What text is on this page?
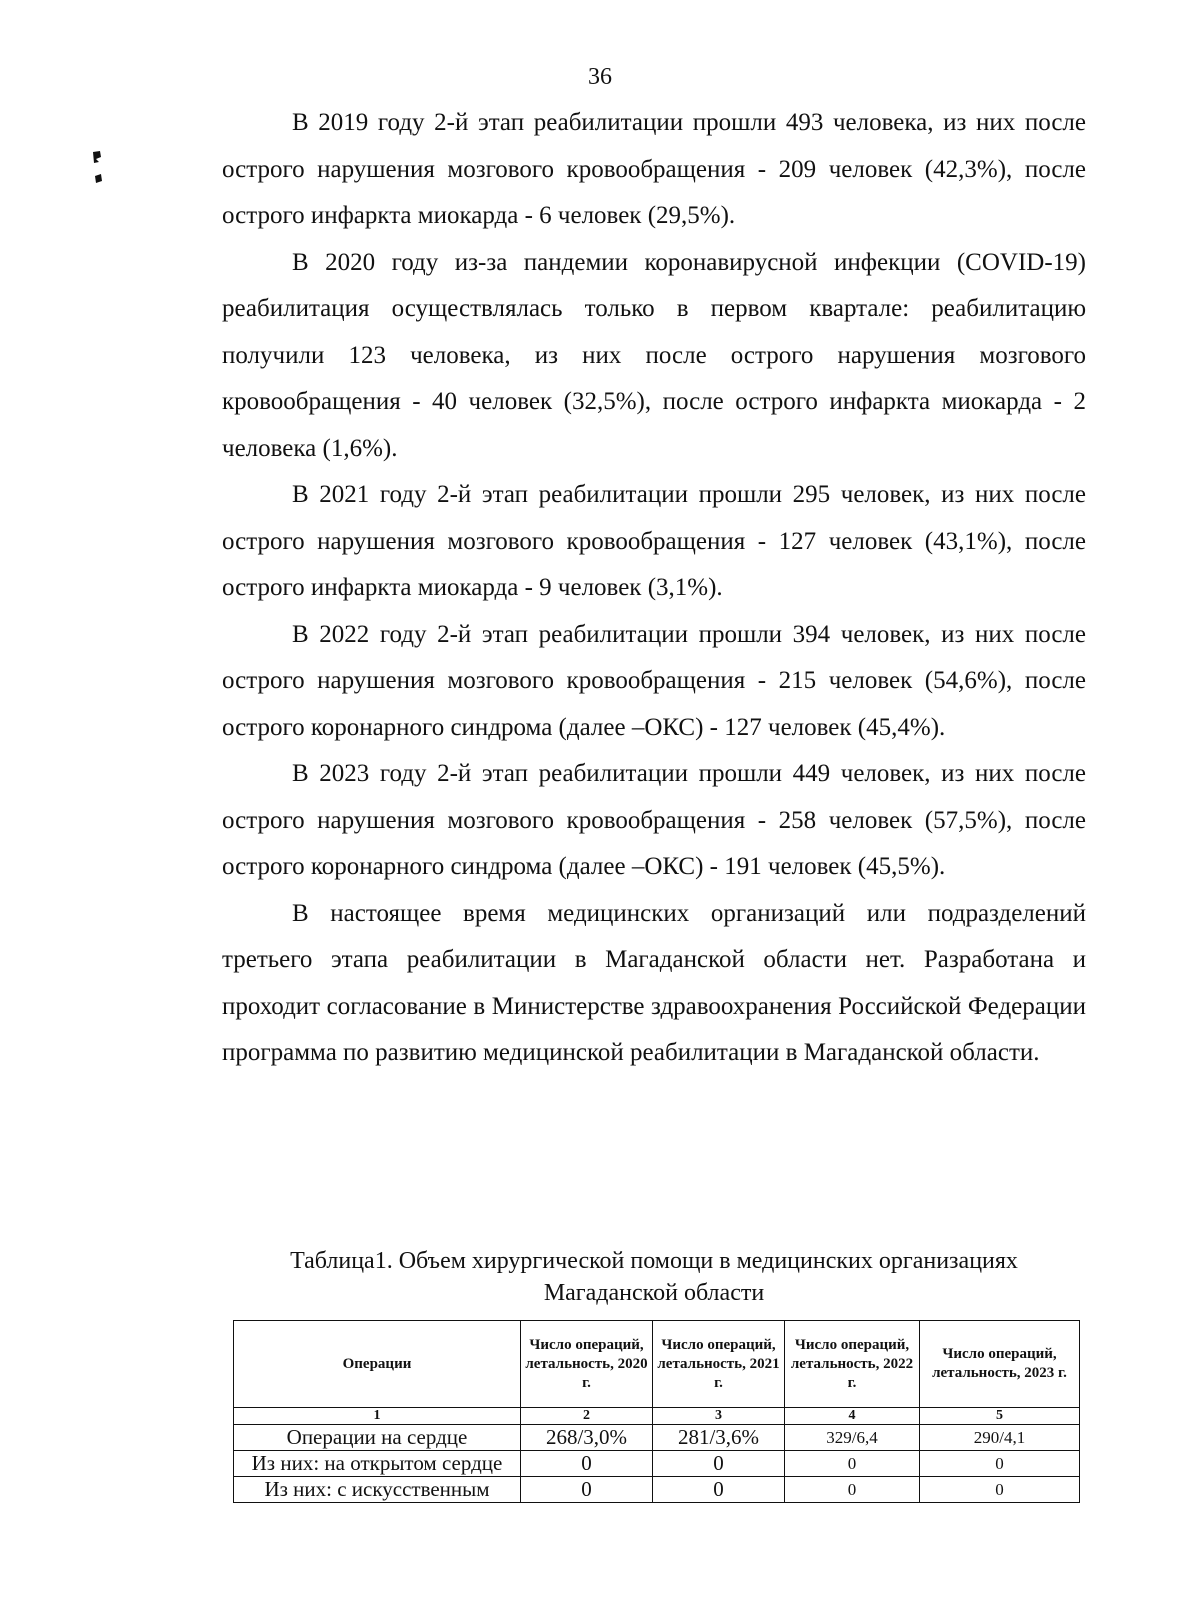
36

В 2019 году 2-й этап реабилитации прошли 493 человека, из них после острого нарушения мозгового кровообращения - 209 человек (42,3%), после острого инфаркта миокарда - 6 человек (29,5%).

В 2020 году из-за пандемии коронавирусной инфекции (COVID-19) реабилитация осуществлялась только в первом квартале: реабилитацию получили 123 человека, из них после острого нарушения мозгового кровообращения - 40 человек (32,5%), после острого инфаркта миокарда - 2 человека (1,6%).

В 2021 году 2-й этап реабилитации прошли 295 человек, из них после острого нарушения мозгового кровообращения - 127 человек (43,1%), после острого инфаркта миокарда - 9 человек (3,1%).

В 2022 году 2-й этап реабилитации прошли 394 человек, из них после острого нарушения мозгового кровообращения - 215 человек (54,6%), после острого коронарного синдрома (далее –ОКС) - 127 человек (45,4%).

В 2023 году 2-й этап реабилитации прошли 449 человек, из них после острого нарушения мозгового кровообращения - 258 человек (57,5%), после острого коронарного синдрома (далее –ОКС) - 191 человек (45,5%).

В настоящее время медицинских организаций или подразделений третьего этапа реабилитации в Магаданской области нет. Разработана и проходит согласование в Министерстве здравоохранения Российской Федерации программа по развитию медицинской реабилитации в Магаданской области.

Таблица1. Объем хирургической помощи в медицинских организациях
Магаданской области
Операции	Число операций, летальность, 2020 г.	Число операций, летальность, 2021 г.	Число операций, летальность, 2022 г.	Число операций, летальность, 2023 г.
1	2	3	4	5
Операции на сердце	268/3,0%	281/3,6%	329/6,4	290/4,1
Из них: на открытом сердце	0	0	0	0
Из них: с искусственным	0	0	0	0
